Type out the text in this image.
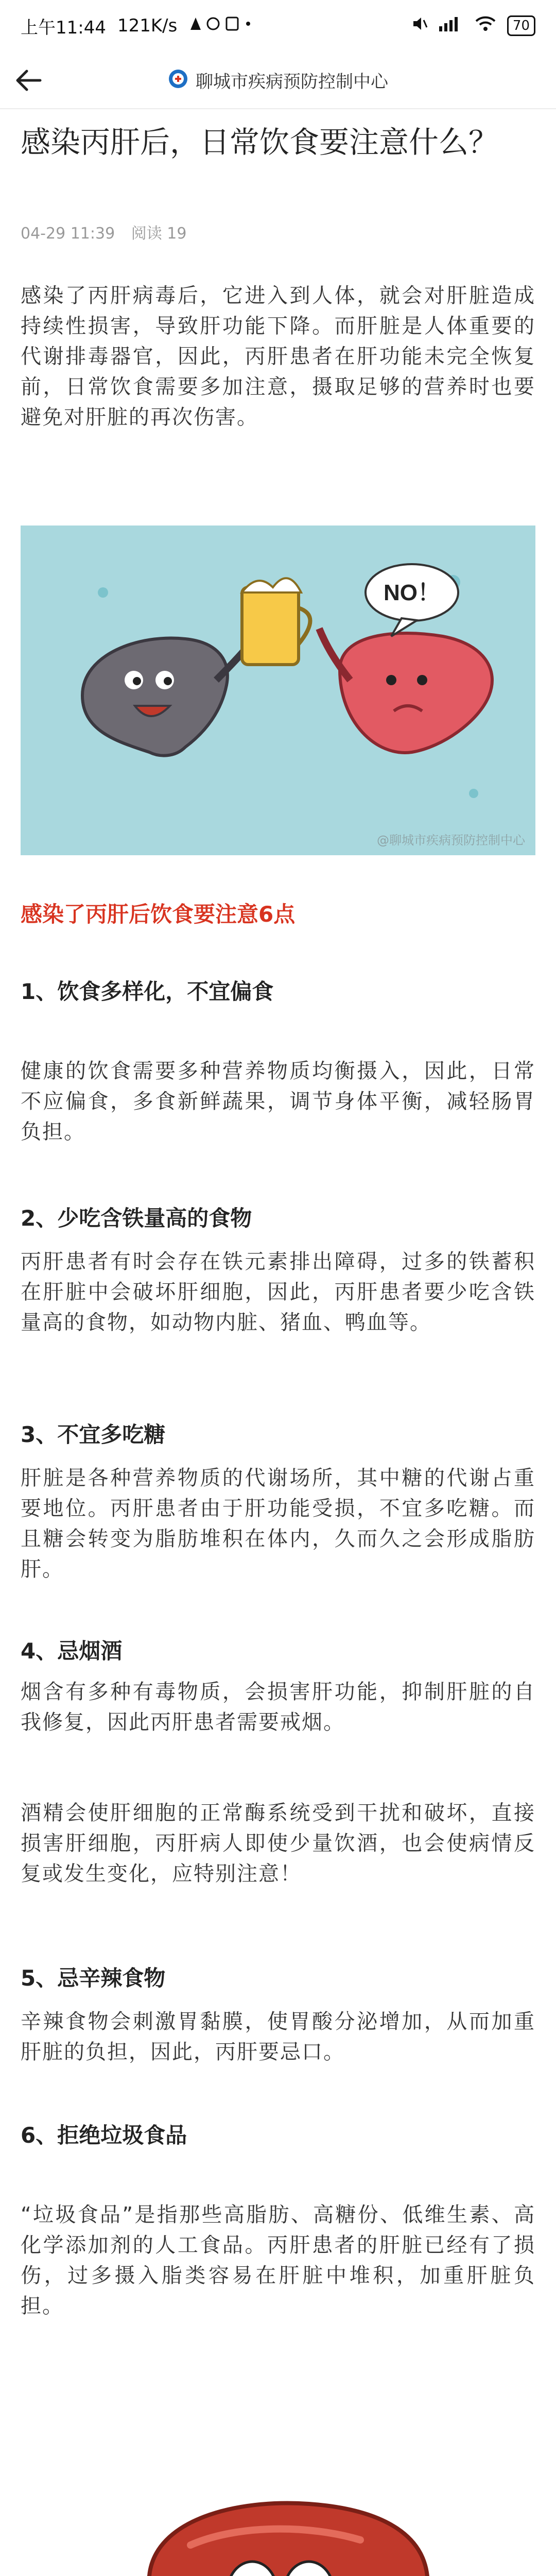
上午11:44 121K/s	70
聊城市疾病预防控制中心
感染丙肝后，日常饮食要注意什么？
04-29 11:39 阅读 19

感染了丙肝病毒后，它进入到人体，就会对肝脏造成持续性损害，导致肝功能下降。而肝脏是人体重要的代谢排毒器官，因此，丙肝患者在肝功能未完全恢复前，日常饮食需要多加注意，摄取足够的营养时也要避免对肝脏的再次伤害。

NO！
@聊城市疾病预防控制中心
感染了丙肝后饮食要注意6点
1、饮食多样化，不宜偏食

健康的饮食需要多种营养物质均衡摄入，因此，日常不应偏食，多食新鲜蔬果，调节身体平衡，减轻肠胃负担。

2、少吃含铁量高的食物

丙肝患者有时会存在铁元素排出障碍，过多的铁蓄积在肝脏中会破坏肝细胞，因此，丙肝患者要少吃含铁量高的食物，如动物内脏、猪血、鸭血等。

3、不宜多吃糖

肝脏是各种营养物质的代谢场所，其中糖的代谢占重要地位。丙肝患者由于肝功能受损，不宜多吃糖。而且糖会转变为脂肪堆积在体内，久而久之会形成脂肪肝。

4、忌烟酒

烟含有多种有毒物质，会损害肝功能，抑制肝脏的自我修复，因此丙肝患者需要戒烟。

酒精会使肝细胞的正常酶系统受到干扰和破坏，直接损害肝细胞，丙肝病人即使少量饮酒，也会使病情反复或发生变化，应特别注意！

5、忌辛辣食物

辛辣食物会刺激胃黏膜，使胃酸分泌增加，从而加重肝脏的负担，因此，丙肝要忌口。

6、拒绝垃圾食品

“垃圾食品”是指那些高脂肪、高糖份、低维生素、高化学添加剂的人工食品。丙肝患者的肝脏已经有了损伤，过多摄入脂类容易在肝脏中堆积，加重肝脏负担。
